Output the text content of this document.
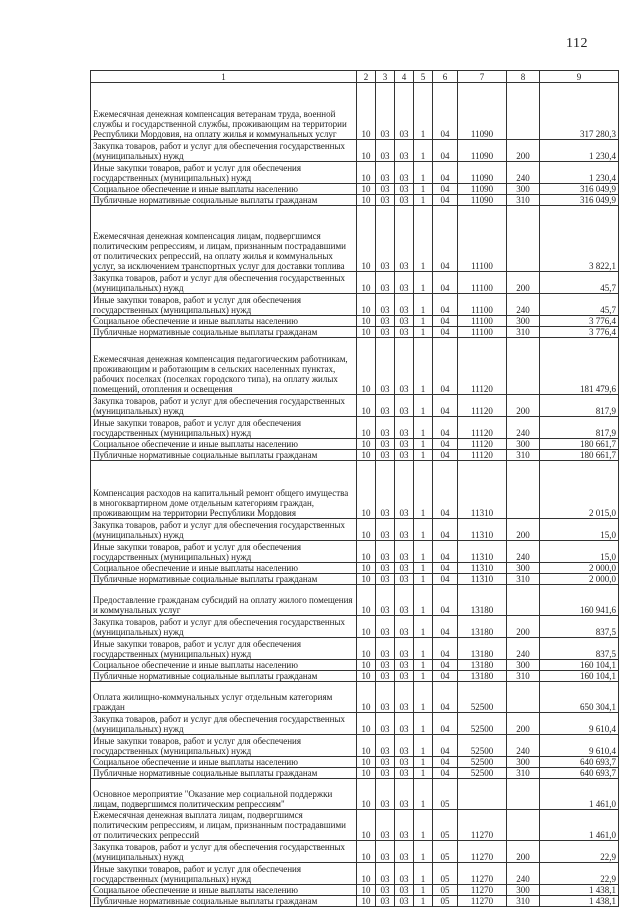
112
1	2	3	4	5	6	7	8	9
Ежемесячная денежная компенсация ветеранам труда, военной службы и государственной службы, проживающим на территории Республики Мордовия, на оплату жилья и коммунальных услуг	10	03	03	1	04	11090		317 280,3
Закупка товаров, работ и услуг для обеспечения государственных (муниципальных) нужд	10	03	03	1	04	11090	200	1 230,4
Иные закупки товаров, работ и услуг для обеспечения государственных (муниципальных) нужд	10	03	03	1	04	11090	240	1 230,4
Социальное обеспечение и иные выплаты населению	10	03	03	1	04	11090	300	316 049,9
Публичные нормативные социальные выплаты гражданам	10	03	03	1	04	11090	310	316 049,9
Ежемесячная денежная компенсация лицам, подвергшимся политическим репрессиям, и лицам, признанным пострадавшими от политических репрессий, на оплату жилья и коммунальных услуг, за исключением транспортных услуг для доставки топлива	10	03	03	1	04	11100		3 822,1
Закупка товаров, работ и услуг для обеспечения государственных (муниципальных) нужд	10	03	03	1	04	11100	200	45,7
Иные закупки товаров, работ и услуг для обеспечения государственных (муниципальных) нужд	10	03	03	1	04	11100	240	45,7
Социальное обеспечение и иные выплаты населению	10	03	03	1	04	11100	300	3 776,4
Публичные нормативные социальные выплаты гражданам	10	03	03	1	04	11100	310	3 776,4
Ежемесячная денежная компенсация педагогическим работникам, проживающим и работающим в сельских населенных пунктах, рабочих поселках (поселках городского типа), на оплату жилых помещений, отопления и освещения	10	03	03	1	04	11120		181 479,6
Закупка товаров, работ и услуг для обеспечения государственных (муниципальных) нужд	10	03	03	1	04	11120	200	817,9
Иные закупки товаров, работ и услуг для обеспечения государственных (муниципальных) нужд	10	03	03	1	04	11120	240	817,9
Социальное обеспечение и иные выплаты населению	10	03	03	1	04	11120	300	180 661,7
Публичные нормативные социальные выплаты гражданам	10	03	03	1	04	11120	310	180 661,7
Компенсация расходов на капитальный ремонт общего имущества в многоквартирном доме отдельным категориям граждан, проживающим на территории Республики Мордовия	10	03	03	1	04	11310		2 015,0
Закупка товаров, работ и услуг для обеспечения государственных (муниципальных) нужд	10	03	03	1	04	11310	200	15,0
Иные закупки товаров, работ и услуг для обеспечения государственных (муниципальных) нужд	10	03	03	1	04	11310	240	15,0
Социальное обеспечение и иные выплаты населению	10	03	03	1	04	11310	300	2 000,0
Публичные нормативные социальные выплаты гражданам	10	03	03	1	04	11310	310	2 000,0
Предоставление гражданам субсидий на оплату жилого помещения и коммунальных услуг	10	03	03	1	04	13180		160 941,6
Закупка товаров, работ и услуг для обеспечения государственных (муниципальных) нужд	10	03	03	1	04	13180	200	837,5
Иные закупки товаров, работ и услуг для обеспечения государственных (муниципальных) нужд	10	03	03	1	04	13180	240	837,5
Социальное обеспечение и иные выплаты населению	10	03	03	1	04	13180	300	160 104,1
Публичные нормативные социальные выплаты гражданам	10	03	03	1	04	13180	310	160 104,1
Оплата жилищно-коммунальных услуг отдельным категориям граждан	10	03	03	1	04	52500		650 304,1
Закупка товаров, работ и услуг для обеспечения государственных (муниципальных) нужд	10	03	03	1	04	52500	200	9 610,4
Иные закупки товаров, работ и услуг для обеспечения государственных (муниципальных) нужд	10	03	03	1	04	52500	240	9 610,4
Социальное обеспечение и иные выплаты населению	10	03	03	1	04	52500	300	640 693,7
Публичные нормативные социальные выплаты гражданам	10	03	03	1	04	52500	310	640 693,7
Основное мероприятие "Оказание мер социальной поддержки лицам, подвергшимся политическим репрессиям"	10	03	03	1	05			1 461,0
Ежемесячная денежная выплата лицам, подвергшимся политическим репрессиям, и лицам, признанным пострадавшими от политических репрессий	10	03	03	1	05	11270		1 461,0
Закупка товаров, работ и услуг для обеспечения государственных (муниципальных) нужд	10	03	03	1	05	11270	200	22,9
Иные закупки товаров, работ и услуг для обеспечения государственных (муниципальных) нужд	10	03	03	1	05	11270	240	22,9
Социальное обеспечение и иные выплаты населению	10	03	03	1	05	11270	300	1 438,1
Публичные нормативные социальные выплаты гражданам	10	03	03	1	05	11270	310	1 438,1
